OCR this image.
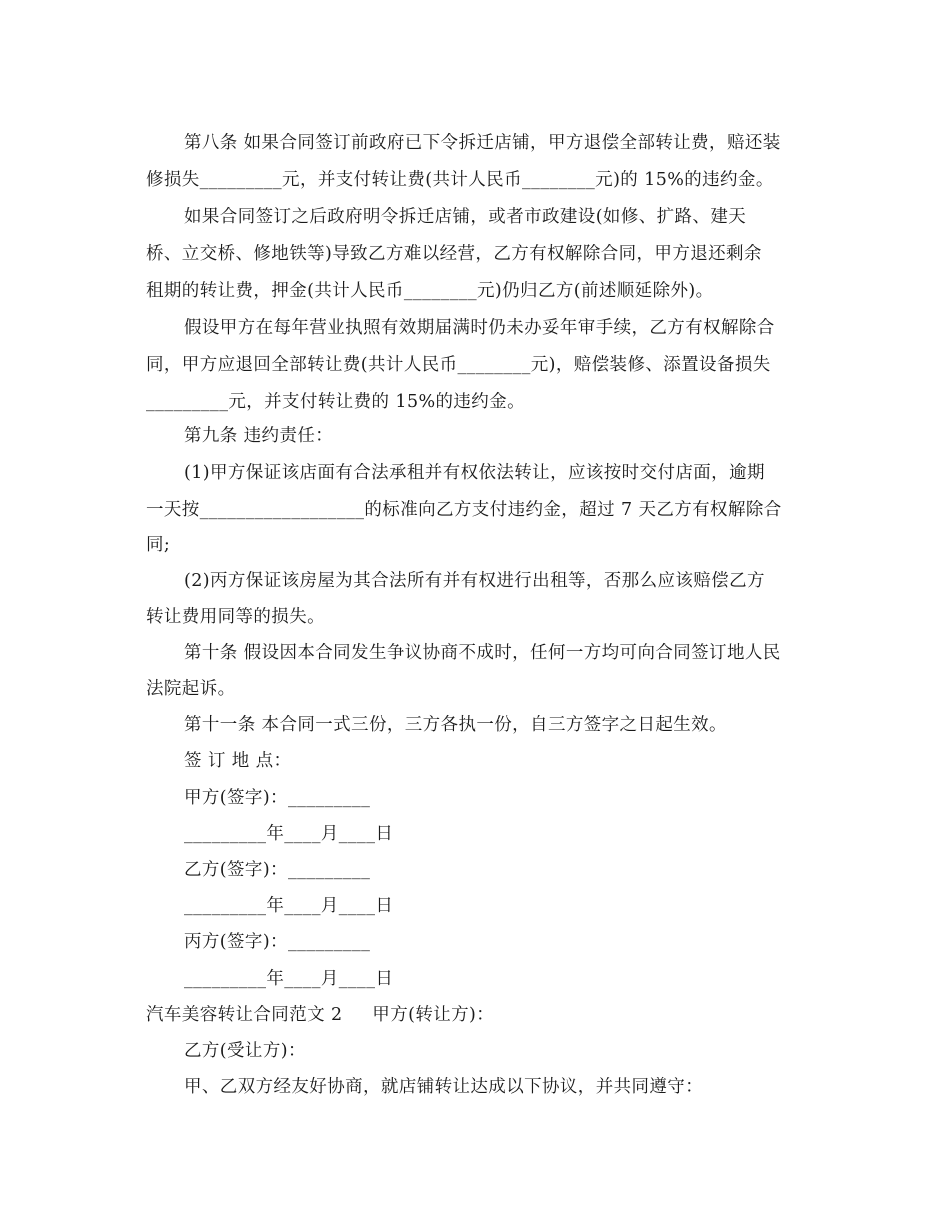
第八条 如果合同签订前政府已下令拆迁店铺，甲方退偿全部转让费，赔还装
修损失_________元，并支付转让费(共计人民币________元)的 15%的违约金。
如果合同签订之后政府明令拆迁店铺，或者市政建设(如修、扩路、建天
桥、立交桥、修地铁等)导致乙方难以经营，乙方有权解除合同，甲方退还剩余
租期的转让费，押金(共计人民币________元)仍归乙方(前述顺延除外)。
假设甲方在每年营业执照有效期届满时仍未办妥年审手续，乙方有权解除合
同，甲方应退回全部转让费(共计人民币________元)，赔偿装修、添置设备损失
_________元，并支付转让费的 15%的违约金。
第九条 违约责任：
(1)甲方保证该店面有合法承租并有权依法转让，应该按时交付店面，逾期
一天按__________________的标准向乙方支付违约金，超过 7 天乙方有权解除合
同;
(2)丙方保证该房屋为其合法所有并有权进行出租等，否那么应该赔偿乙方
转让费用同等的损失。
第十条 假设因本合同发生争议协商不成时，任何一方均可向合同签订地人民
法院起诉。
第十一条 本合同一式三份，三方各执一份，自三方签字之日起生效。
签 订 地 点：
甲方(签字)：_________
_________年____月____日
乙方(签字)：_________
_________年____月____日
丙方(签字)：_________
_________年____月____日
汽车美容转让合同范文 2     甲方(转让方)：
乙方(受让方)：
甲、乙双方经友好协商，就店铺转让达成以下协议，并共同遵守：
